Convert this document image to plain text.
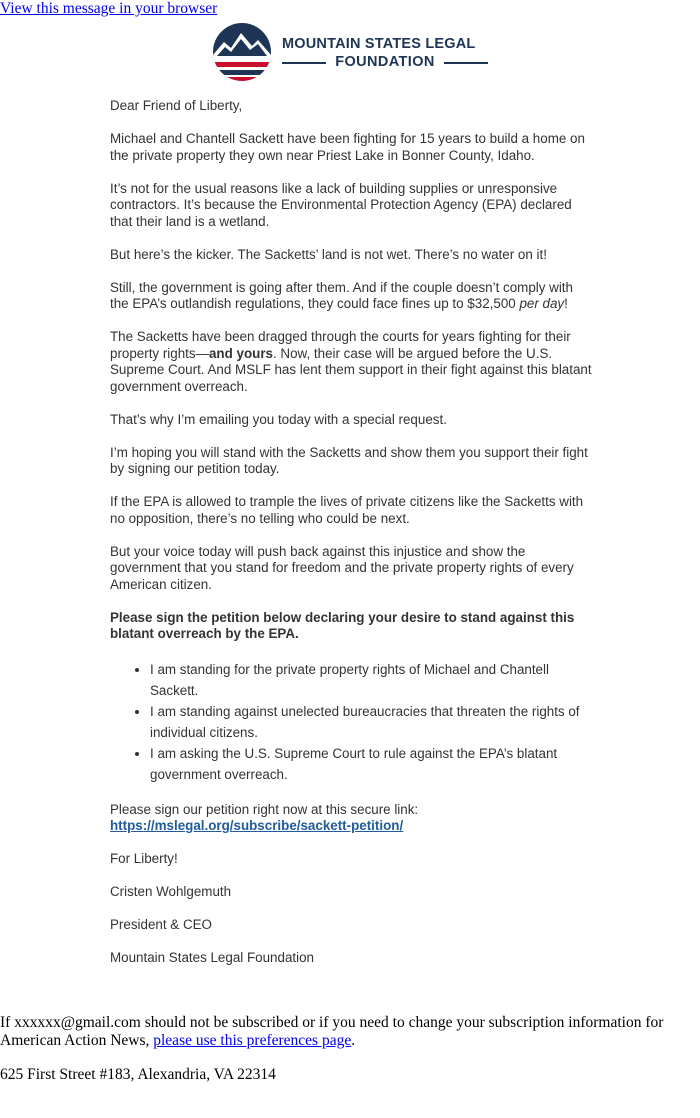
View this message in your browser
MOUNTAIN STATES LEGAL
FOUNDATION

Dear Friend of Liberty,

Michael and Chantell Sackett have been fighting for 15 years to build a home on the private property they own near Priest Lake in Bonner County, Idaho.

It’s not for the usual reasons like a lack of building supplies or unresponsive contractors. It’s because the Environmental Protection Agency (EPA) declared that their land is a wetland.

But here’s the kicker. The Sacketts’ land is not wet. There’s no water on it!

Still, the government is going after them. And if the couple doesn’t comply with the EPA’s outlandish regulations, they could face fines up to $32,500 per day!

The Sacketts have been dragged through the courts for years fighting for their property rights—and yours. Now, their case will be argued before the U.S. Supreme Court. And MSLF has lent them support in their fight against this blatant government overreach.

That’s why I’m emailing you today with a special request.

I’m hoping you will stand with the Sacketts and show them you support their fight by signing our petition today.

If the EPA is allowed to trample the lives of private citizens like the Sacketts with no opposition, there’s no telling who could be next.

But your voice today will push back against this injustice and show the government that you stand for freedom and the private property rights of every American citizen.

Please sign the petition below declaring your desire to stand against this blatant overreach by the EPA.

• I am standing for the private property rights of Michael and Chantell Sackett.
• I am standing against unelected bureaucracies that threaten the rights of individual citizens.
• I am asking the U.S. Supreme Court to rule against the EPA’s blatant government overreach.

Please sign our petition right now at this secure link:
https://mslegal.org/subscribe/sackett-petition/

For Liberty!

Cristen Wohlgemuth

President & CEO

Mountain States Legal Foundation

If xxxxxx@gmail.com should not be subscribed or if you need to change your subscription information for American Action News, please use this preferences page.

625 First Street #183, Alexandria, VA 22314
